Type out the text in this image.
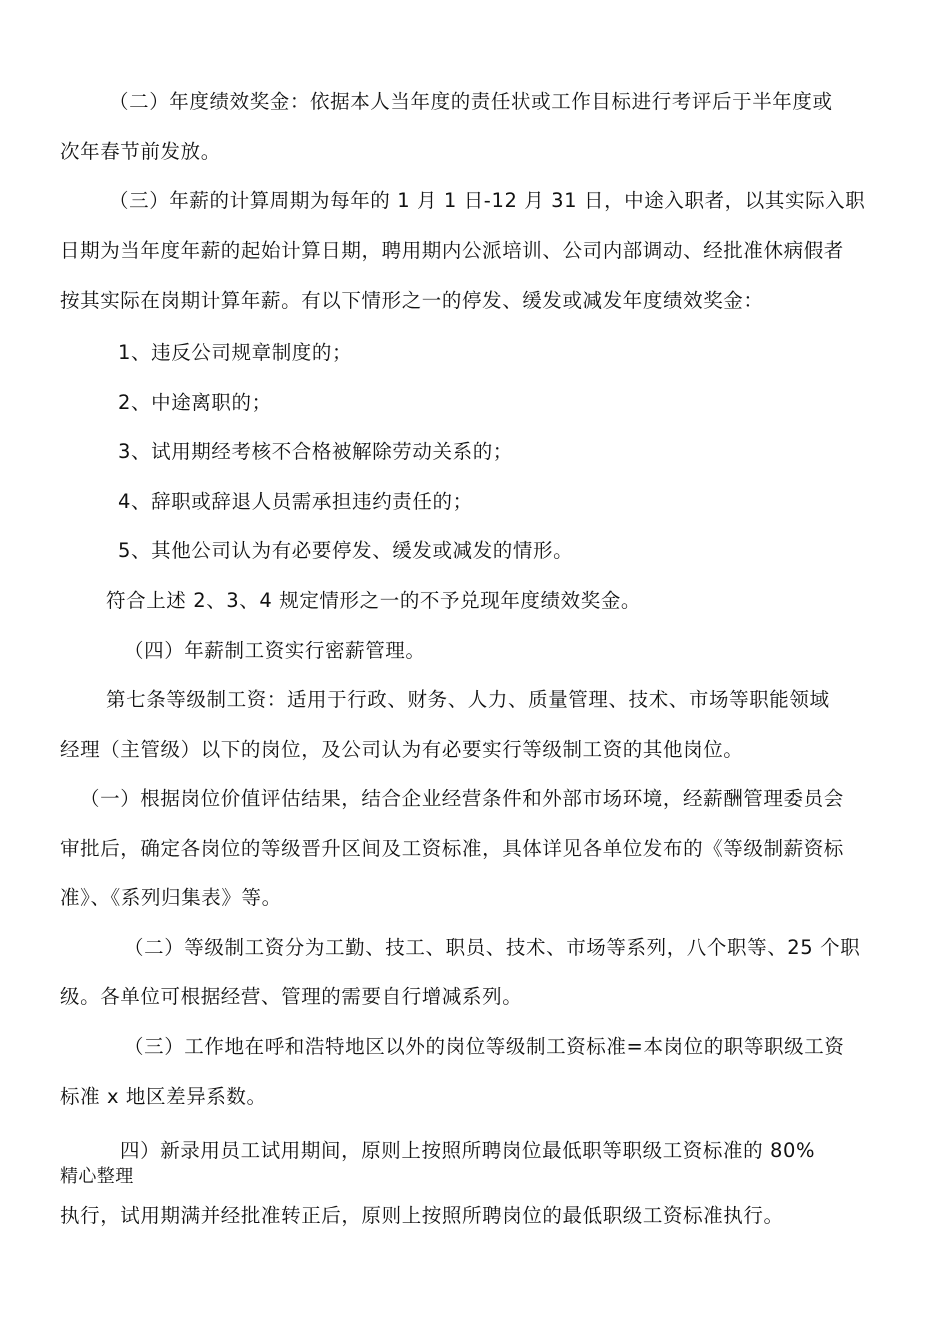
（二）年度绩效奖金：依据本人当年度的责任状或工作目标进行考评后于半年度或
次年春节前发放。
（三）年薪的计算周期为每年的 1 月 1 日-12 月 31 日，中途入职者，以其实际入职
日期为当年度年薪的起始计算日期，聘用期内公派培训、公司内部调动、经批准休病假者
按其实际在岗期计算年薪。有以下情形之一的停发、缓发或减发年度绩效奖金：
1、违反公司规章制度的；
2、中途离职的；
3、试用期经考核不合格被解除劳动关系的；
4、辞职或辞退人员需承担违约责任的；
5、其他公司认为有必要停发、缓发或减发的情形。
符合上述 2、3、4 规定情形之一的不予兑现年度绩效奖金。
（四）年薪制工资实行密薪管理。
第七条等级制工资：适用于行政、财务、人力、质量管理、技术、市场等职能领域
经理（主管级）以下的岗位，及公司认为有必要实行等级制工资的其他岗位。
（一）根据岗位价值评估结果，结合企业经营条件和外部市场环境，经薪酬管理委员会
审批后，确定各岗位的等级晋升区间及工资标准，具体详见各单位发布的《等级制薪资标
准》、《系列归集表》等。
（二）等级制工资分为工勤、技工、职员、技术、市场等系列，八个职等、25 个职
级。各单位可根据经营、管理的需要自行增减系列。
（三）工作地在呼和浩特地区以外的岗位等级制工资标准=本岗位的职等职级工资
标准 x 地区差异系数。
四）新录用员工试用期间，原则上按照所聘岗位最低职等职级工资标准的 80%
精心整理
执行，试用期满并经批准转正后，原则上按照所聘岗位的最低职级工资标准执行。
